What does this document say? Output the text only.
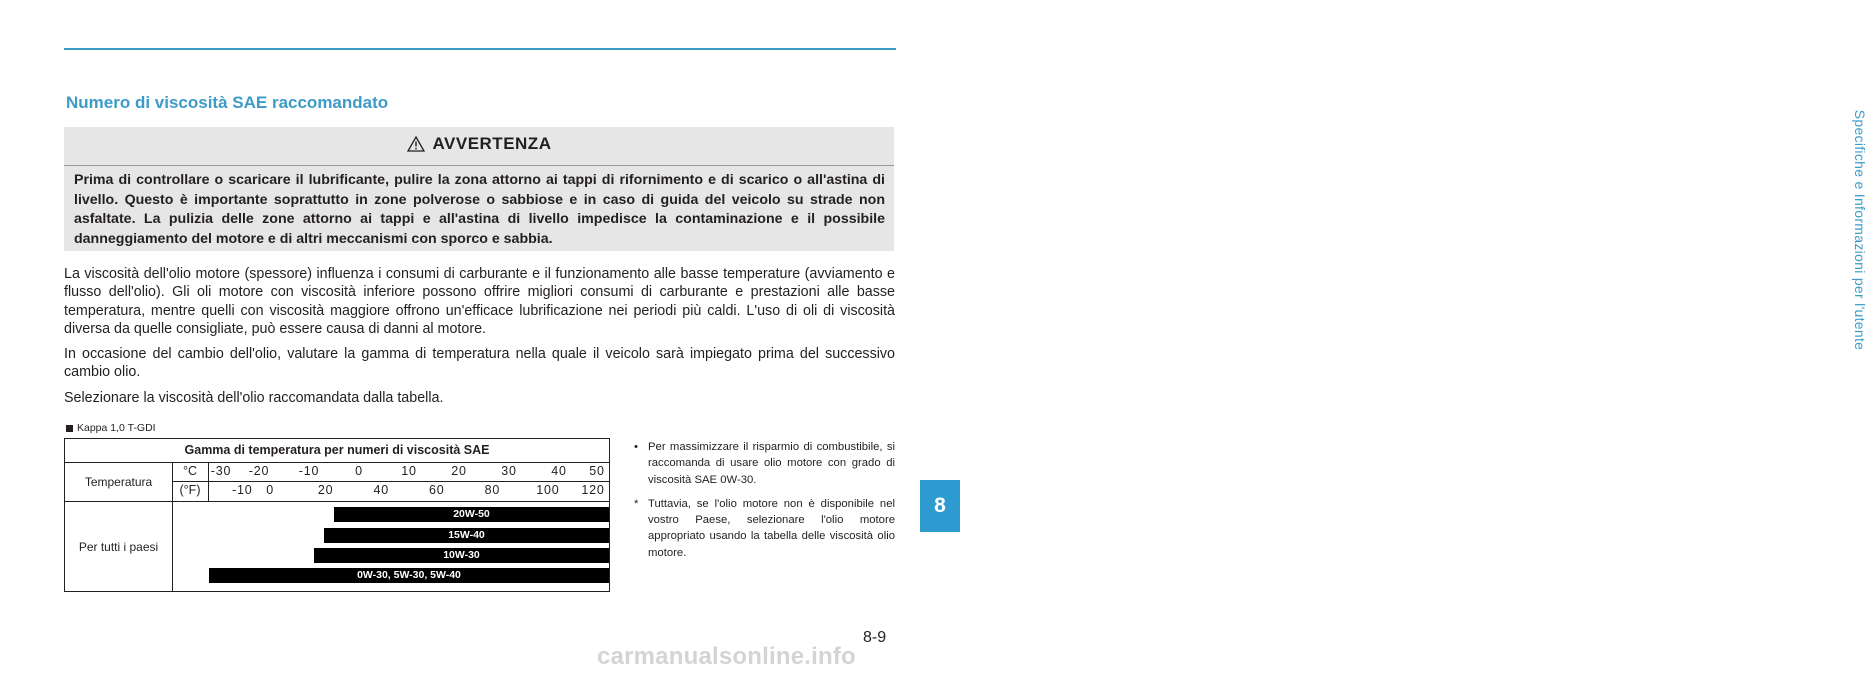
Specifiche e Informazioni per l'utente
8
Numero di viscosità SAE raccomandato
AVVERTENZA
Prima di controllare o scaricare il lubrificante, pulire la zona attorno ai tappi di rifornimento e di scarico o all'astina di livello. Questo è importante soprattutto in zone polverose o sabbiose e in caso di guida del veicolo su strade non asfaltate. La pulizia delle zone attorno ai tappi e all'astina di livello impedisce la contaminazione e il possibile danneggiamento del motore e di altri meccanismi con sporco e sabbia.

La viscosità dell'olio motore (spessore) influenza i consumi di carburante e il funzionamento alle basse temperature (avviamento e flusso dell'olio). Gli oli motore con viscosità inferiore possono offrire migliori consumi di carburante e prestazioni alle basse temperatura, mentre quelli con viscosità maggiore offrono un'efficace lubrificazione nei periodi più caldi. L'uso di oli di viscosità diversa da quelle consigliate, può essere causa di danni al motore.

In occasione del cambio dell'olio, valutare la gamma di temperatura nella quale il veicolo sarà impiegato prima del successivo cambio olio.

Selezionare la viscosità dell'olio raccomandata dalla tabella.

Kappa 1,0 T-GDI
Gamma di temperatura per numeri di viscosità SAE
Temperatura
°C
(°F)
-30 -20 -10	0	10	20	30	40 50
-10 0	20	40	60	80	100 120
Per tutti i paesi
20W-50
15W-40
10W-30
0W-30, 5W-30, 5W-40
• Per massimizzare il risparmio di combustibile, si raccomanda di usare olio motore con grado di viscosità SAE 0W-30.
* Tuttavia, se l'olio motore non è disponibile nel vostro Paese, selezionare l'olio motore appropriato usando la tabella delle viscosità olio motore.
8-9
carmanualsonline.info
